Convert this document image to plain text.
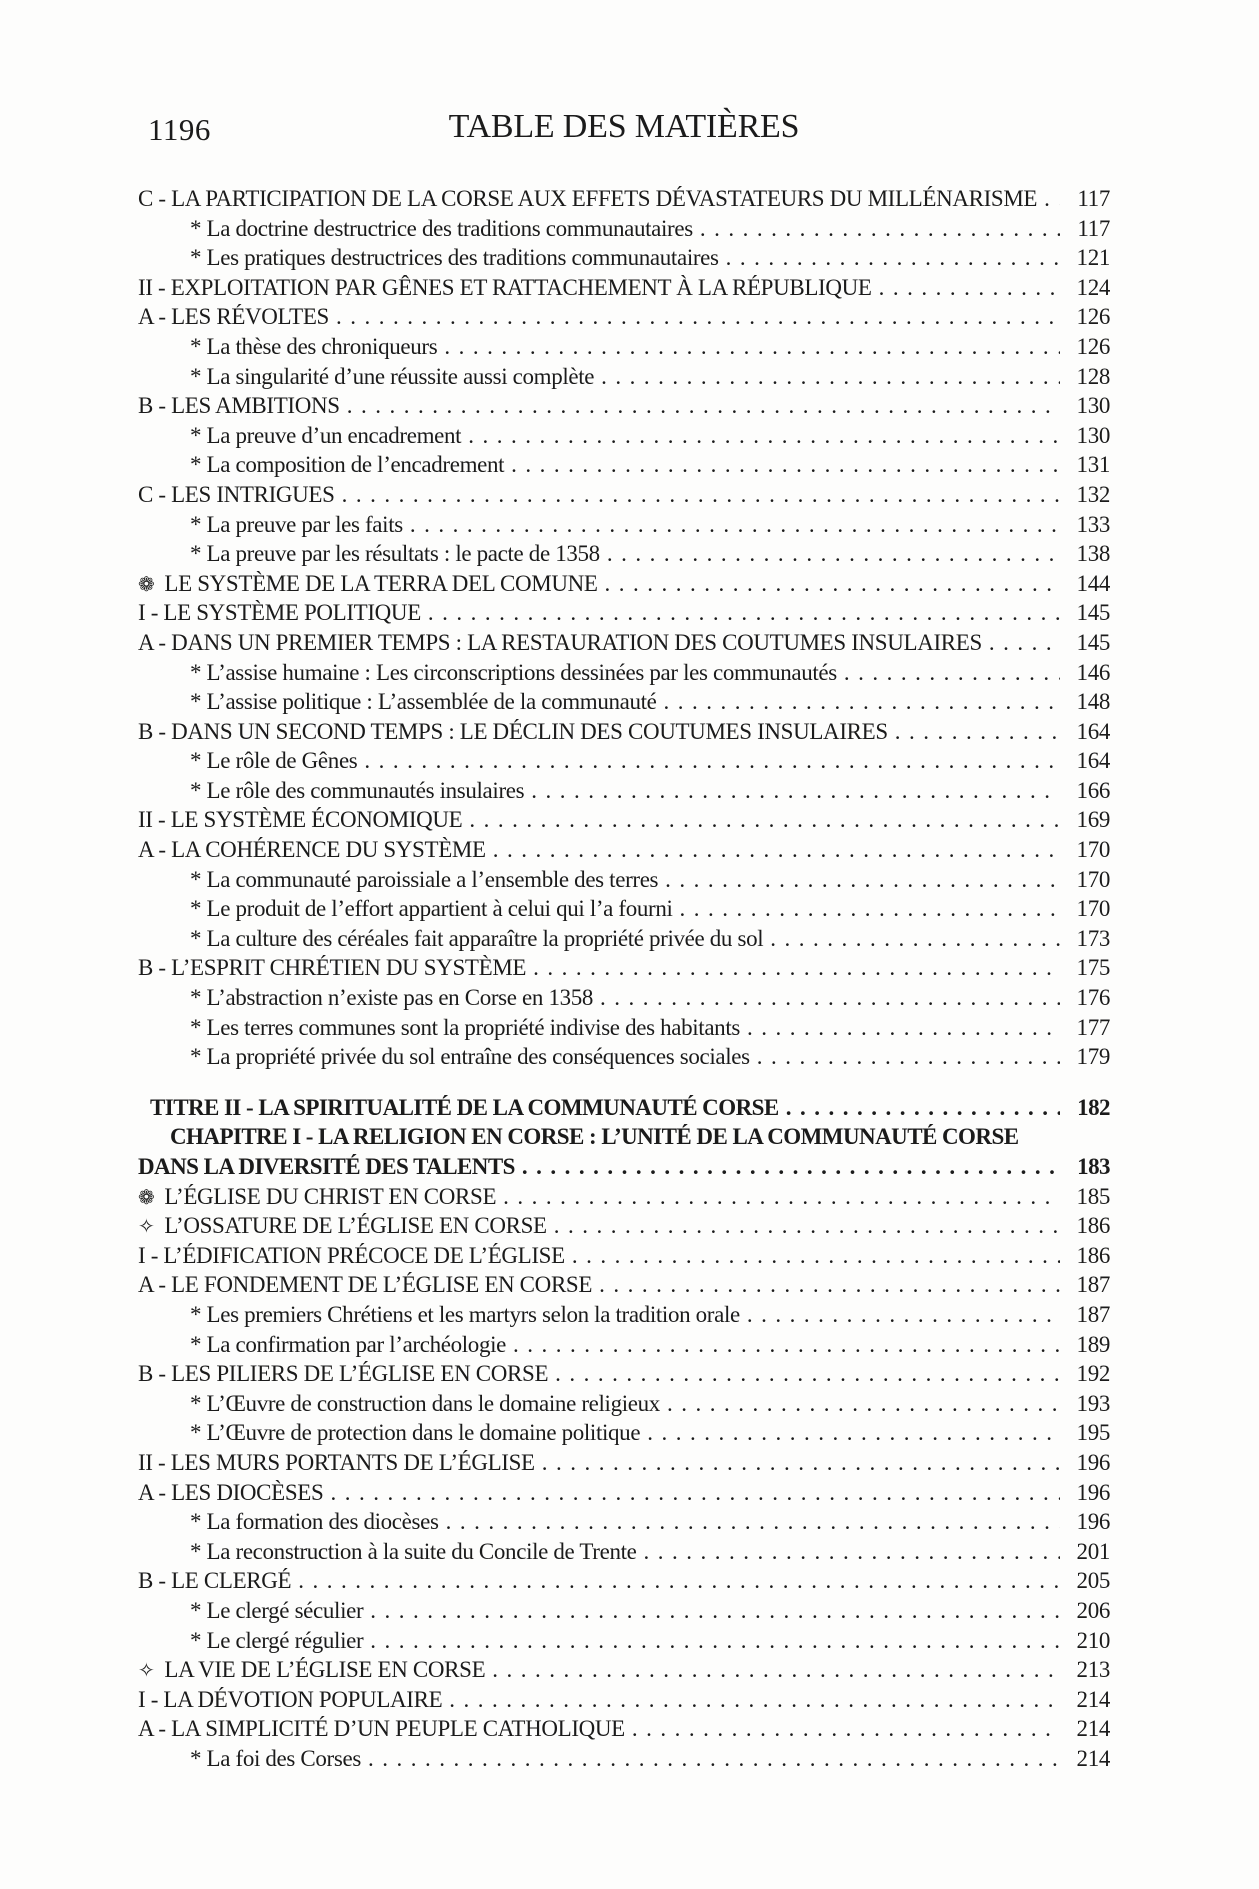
1196	TABLE DES MATIÈRES
C - LA PARTICIPATION DE LA CORSE AUX EFFETS DÉVASTATEURS DU MILLÉNARISME .....	117
* La doctrine destructrice des traditions communautaires .....	117
* Les pratiques destructrices des traditions communautaires .....	121
II - EXPLOITATION PAR GÊNES ET RATTACHEMENT À LA RÉPUBLIQUE .....	124
A - LES RÉVOLTES .....	126
* La thèse des chroniqueurs .....	126
* La singularité d’une réussite aussi complète .....	128
B - LES AMBITIONS .....	130
* La preuve d’un encadrement .....	130
* La composition de l’encadrement .....	131
C - LES INTRIGUES .....	132
* La preuve par les faits .....	133
* La preuve par les résultats : le pacte de 1358 .....	138
❁ LE SYSTÈME DE LA TERRA DEL COMUNE .....	144
I - LE SYSTÈME POLITIQUE .....	145
A - DANS UN PREMIER TEMPS : LA RESTAURATION DES COUTUMES INSULAIRES .....	145
* L’assise humaine : Les circonscriptions dessinées par les communautés .....	146
* L’assise politique : L’assemblée de la communauté .....	148
B - DANS UN SECOND TEMPS : LE DÉCLIN DES COUTUMES INSULAIRES .....	164
* Le rôle de Gênes .....	164
* Le rôle des communautés insulaires .....	166
II - LE SYSTÈME ÉCONOMIQUE .....	169
A - LA COHÉRENCE DU SYSTÈME .....	170
* La communauté paroissiale a l’ensemble des terres .....	170
* Le produit de l’effort appartient à celui qui l’a fourni .....	170
* La culture des céréales fait apparaître la propriété privée du sol .....	173
B - L’ESPRIT CHRÉTIEN DU SYSTÈME .....	175
* L’abstraction n’existe pas en Corse en 1358 .....	176
* Les terres communes sont la propriété indivise des habitants .....	177
* La propriété privée du sol entraîne des conséquences sociales .....	179
TITRE II - LA SPIRITUALITÉ DE LA COMMUNAUTÉ CORSE .....	182
CHAPITRE I - LA RELIGION EN CORSE : L’UNITÉ DE LA COMMUNAUTÉ CORSE
DANS LA DIVERSITÉ DES TALENTS .....	183
❁ L’ÉGLISE DU CHRIST EN CORSE .....	185
✧ L’OSSATURE DE L’ÉGLISE EN CORSE .....	186
I - L’ÉDIFICATION PRÉCOCE DE L’ÉGLISE .....	186
A - LE FONDEMENT DE L’ÉGLISE EN CORSE .....	187
* Les premiers Chrétiens et les martyrs selon la tradition orale .....	187
* La confirmation par l’archéologie .....	189
B - LES PILIERS DE L’ÉGLISE EN CORSE .....	192
* L’Œuvre de construction dans le domaine religieux .....	193
* L’Œuvre de protection dans le domaine politique .....	195
II - LES MURS PORTANTS DE L’ÉGLISE .....	196
A - LES DIOCÈSES .....	196
* La formation des diocèses .....	196
* La reconstruction à la suite du Concile de Trente .....	201
B - LE CLERGÉ .....	205
* Le clergé séculier .....	206
* Le clergé régulier .....	210
✧ LA VIE DE L’ÉGLISE EN CORSE .....	213
I - LA DÉVOTION POPULAIRE .....	214
A - LA SIMPLICITÉ D’UN PEUPLE CATHOLIQUE .....	214
* La foi des Corses .....	214
